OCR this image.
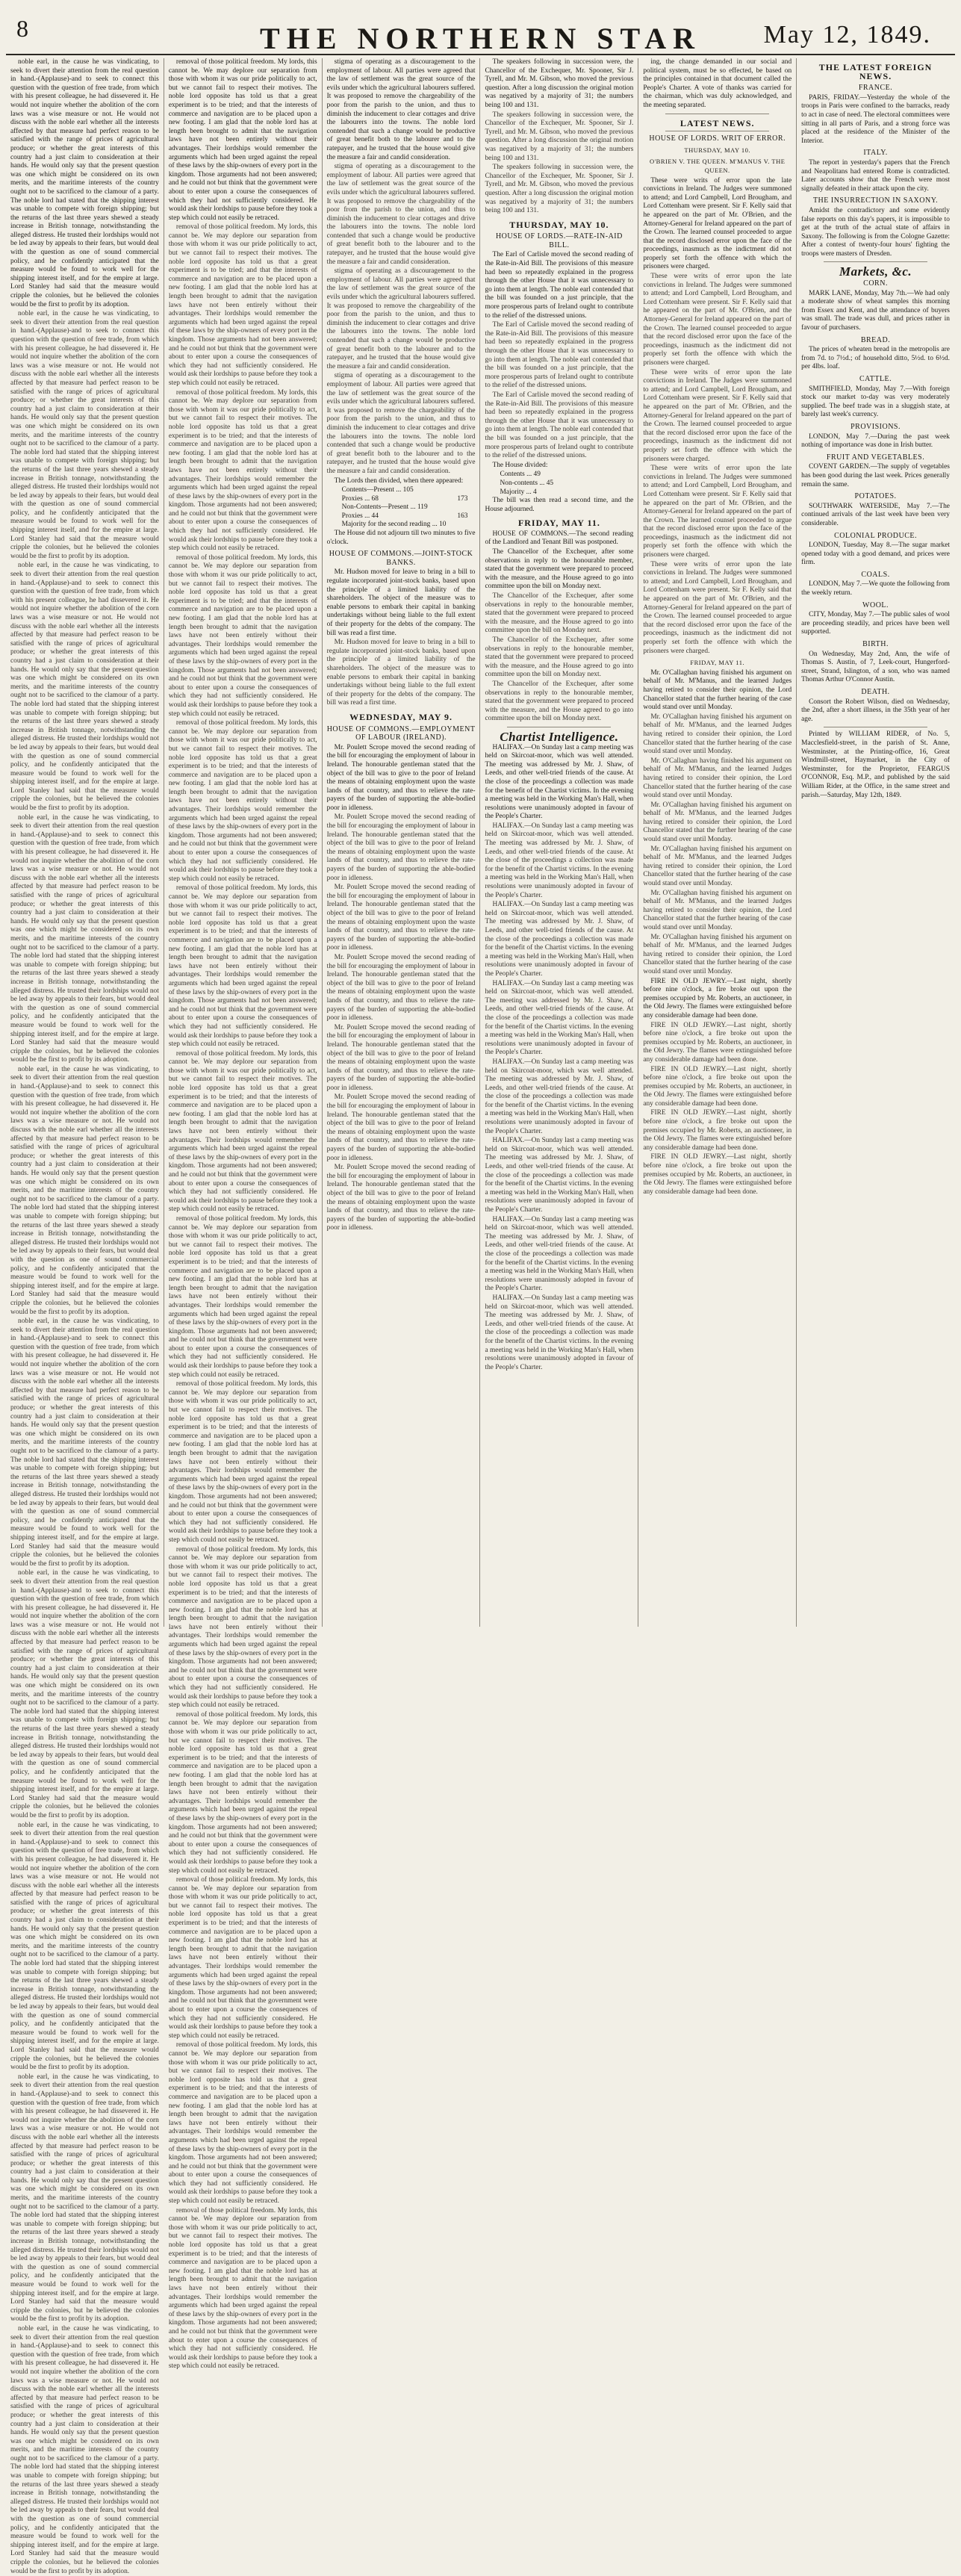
8	THE NORTHERN STAR	May 12, 1849.

noble earl, in the cause he was vindicating, to seek to divert their attention from the real question in hand.-(Applause)-and to seek to connect this question with the question of free trade, from which with his present colleague, he had dissevered it. He would not inquire whether the abolition of the corn laws was a wise measure or not. He would not discuss with the noble earl whether all the interests affected by that measure had perfect reason to be satisfied with the range of prices of agricultural produce; or whether the great interests of this country had a just claim to consideration at their hands. He would only say that the present question was one which might be considered on its own merits, and the maritime interests of the country ought not to be sacrificed to the clamour of a party. The noble lord had stated that the shipping interest was unable to compete with foreign shipping; but the returns of the last three years shewed a steady increase in British tonnage, notwithstanding the alleged distress. He trusted their lordships would not be led away by appeals to their fears, but would deal with the question as one of sound commercial policy, and he confidently anticipated that the measure would be found to work well for the shipping interest itself, and for the empire at large. Lord Stanley had said that the measure would cripple the colonies, but he believed the colonies would be the first to profit by its adoption.

noble earl, in the cause he was vindicating, to seek to divert their attention from the real question in hand.-(Applause)-and to seek to connect this question with the question of free trade, from which with his present colleague, he had dissevered it. He would not inquire whether the abolition of the corn laws was a wise measure or not. He would not discuss with the noble earl whether all the interests affected by that measure had perfect reason to be satisfied with the range of prices of agricultural produce; or whether the great interests of this country had a just claim to consideration at their hands. He would only say that the present question was one which might be considered on its own merits, and the maritime interests of the country ought not to be sacrificed to the clamour of a party. The noble lord had stated that the shipping interest was unable to compete with foreign shipping; but the returns of the last three years shewed a steady increase in British tonnage, notwithstanding the alleged distress. He trusted their lordships would not be led away by appeals to their fears, but would deal with the question as one of sound commercial policy, and he confidently anticipated that the measure would be found to work well for the shipping interest itself, and for the empire at large. Lord Stanley had said that the measure would cripple the colonies, but he believed the colonies would be the first to profit by its adoption.

noble earl, in the cause he was vindicating, to seek to divert their attention from the real question in hand.-(Applause)-and to seek to connect this question with the question of free trade, from which with his present colleague, he had dissevered it. He would not inquire whether the abolition of the corn laws was a wise measure or not. He would not discuss with the noble earl whether all the interests affected by that measure had perfect reason to be satisfied with the range of prices of agricultural produce; or whether the great interests of this country had a just claim to consideration at their hands. He would only say that the present question was one which might be considered on its own merits, and the maritime interests of the country ought not to be sacrificed to the clamour of a party. The noble lord had stated that the shipping interest was unable to compete with foreign shipping; but the returns of the last three years shewed a steady increase in British tonnage, notwithstanding the alleged distress. He trusted their lordships would not be led away by appeals to their fears, but would deal with the question as one of sound commercial policy, and he confidently anticipated that the measure would be found to work well for the shipping interest itself, and for the empire at large. Lord Stanley had said that the measure would cripple the colonies, but he believed the colonies would be the first to profit by its adoption.

noble earl, in the cause he was vindicating, to seek to divert their attention from the real question in hand.-(Applause)-and to seek to connect this question with the question of free trade, from which with his present colleague, he had dissevered it. He would not inquire whether the abolition of the corn laws was a wise measure or not. He would not discuss with the noble earl whether all the interests affected by that measure had perfect reason to be satisfied with the range of prices of agricultural produce; or whether the great interests of this country had a just claim to consideration at their hands. He would only say that the present question was one which might be considered on its own merits, and the maritime interests of the country ought not to be sacrificed to the clamour of a party. The noble lord had stated that the shipping interest was unable to compete with foreign shipping; but the returns of the last three years shewed a steady increase in British tonnage, notwithstanding the alleged distress. He trusted their lordships would not be led away by appeals to their fears, but would deal with the question as one of sound commercial policy, and he confidently anticipated that the measure would be found to work well for the shipping interest itself, and for the empire at large. Lord Stanley had said that the measure would cripple the colonies, but he believed the colonies would be the first to profit by its adoption.

noble earl, in the cause he was vindicating, to seek to divert their attention from the real question in hand.-(Applause)-and to seek to connect this question with the question of free trade, from which with his present colleague, he had dissevered it. He would not inquire whether the abolition of the corn laws was a wise measure or not. He would not discuss with the noble earl whether all the interests affected by that measure had perfect reason to be satisfied with the range of prices of agricultural produce; or whether the great interests of this country had a just claim to consideration at their hands. He would only say that the present question was one which might be considered on its own merits, and the maritime interests of the country ought not to be sacrificed to the clamour of a party. The noble lord had stated that the shipping interest was unable to compete with foreign shipping; but the returns of the last three years shewed a steady increase in British tonnage, notwithstanding the alleged distress. He trusted their lordships would not be led away by appeals to their fears, but would deal with the question as one of sound commercial policy, and he confidently anticipated that the measure would be found to work well for the shipping interest itself, and for the empire at large. Lord Stanley had said that the measure would cripple the colonies, but he believed the colonies would be the first to profit by its adoption.

noble earl, in the cause he was vindicating, to seek to divert their attention from the real question in hand.-(Applause)-and to seek to connect this question with the question of free trade, from which with his present colleague, he had dissevered it. He would not inquire whether the abolition of the corn laws was a wise measure or not. He would not discuss with the noble earl whether all the interests affected by that measure had perfect reason to be satisfied with the range of prices of agricultural produce; or whether the great interests of this country had a just claim to consideration at their hands. He would only say that the present question was one which might be considered on its own merits, and the maritime interests of the country ought not to be sacrificed to the clamour of a party. The noble lord had stated that the shipping interest was unable to compete with foreign shipping; but the returns of the last three years shewed a steady increase in British tonnage, notwithstanding the alleged distress. He trusted their lordships would not be led away by appeals to their fears, but would deal with the question as one of sound commercial policy, and he confidently anticipated that the measure would be found to work well for the shipping interest itself, and for the empire at large. Lord Stanley had said that the measure would cripple the colonies, but he believed the colonies would be the first to profit by its adoption.

noble earl, in the cause he was vindicating, to seek to divert their attention from the real question in hand.-(Applause)-and to seek to connect this question with the question of free trade, from which with his present colleague, he had dissevered it. He would not inquire whether the abolition of the corn laws was a wise measure or not. He would not discuss with the noble earl whether all the interests affected by that measure had perfect reason to be satisfied with the range of prices of agricultural produce; or whether the great interests of this country had a just claim to consideration at their hands. He would only say that the present question was one which might be considered on its own merits, and the maritime interests of the country ought not to be sacrificed to the clamour of a party. The noble lord had stated that the shipping interest was unable to compete with foreign shipping; but the returns of the last three years shewed a steady increase in British tonnage, notwithstanding the alleged distress. He trusted their lordships would not be led away by appeals to their fears, but would deal with the question as one of sound commercial policy, and he confidently anticipated that the measure would be found to work well for the shipping interest itself, and for the empire at large. Lord Stanley had said that the measure would cripple the colonies, but he believed the colonies would be the first to profit by its adoption.

noble earl, in the cause he was vindicating, to seek to divert their attention from the real question in hand.-(Applause)-and to seek to connect this question with the question of free trade, from which with his present colleague, he had dissevered it. He would not inquire whether the abolition of the corn laws was a wise measure or not. He would not discuss with the noble earl whether all the interests affected by that measure had perfect reason to be satisfied with the range of prices of agricultural produce; or whether the great interests of this country had a just claim to consideration at their hands. He would only say that the present question was one which might be considered on its own merits, and the maritime interests of the country ought not to be sacrificed to the clamour of a party. The noble lord had stated that the shipping interest was unable to compete with foreign shipping; but the returns of the last three years shewed a steady increase in British tonnage, notwithstanding the alleged distress. He trusted their lordships would not be led away by appeals to their fears, but would deal with the question as one of sound commercial policy, and he confidently anticipated that the measure would be found to work well for the shipping interest itself, and for the empire at large. Lord Stanley had said that the measure would cripple the colonies, but he believed the colonies would be the first to profit by its adoption.

noble earl, in the cause he was vindicating, to seek to divert their attention from the real question in hand.-(Applause)-and to seek to connect this question with the question of free trade, from which with his present colleague, he had dissevered it. He would not inquire whether the abolition of the corn laws was a wise measure or not. He would not discuss with the noble earl whether all the interests affected by that measure had perfect reason to be satisfied with the range of prices of agricultural produce; or whether the great interests of this country had a just claim to consideration at their hands. He would only say that the present question was one which might be considered on its own merits, and the maritime interests of the country ought not to be sacrificed to the clamour of a party. The noble lord had stated that the shipping interest was unable to compete with foreign shipping; but the returns of the last three years shewed a steady increase in British tonnage, notwithstanding the alleged distress. He trusted their lordships would not be led away by appeals to their fears, but would deal with the question as one of sound commercial policy, and he confidently anticipated that the measure would be found to work well for the shipping interest itself, and for the empire at large. Lord Stanley had said that the measure would cripple the colonies, but he believed the colonies would be the first to profit by its adoption.

noble earl, in the cause he was vindicating, to seek to divert their attention from the real question in hand.-(Applause)-and to seek to connect this question with the question of free trade, from which with his present colleague, he had dissevered it. He would not inquire whether the abolition of the corn laws was a wise measure or not. He would not discuss with the noble earl whether all the interests affected by that measure had perfect reason to be satisfied with the range of prices of agricultural produce; or whether the great interests of this country had a just claim to consideration at their hands. He would only say that the present question was one which might be considered on its own merits, and the maritime interests of the country ought not to be sacrificed to the clamour of a party. The noble lord had stated that the shipping interest was unable to compete with foreign shipping; but the returns of the last three years shewed a steady increase in British tonnage, notwithstanding the alleged distress. He trusted their lordships would not be led away by appeals to their fears, but would deal with the question as one of sound commercial policy, and he confidently anticipated that the measure would be found to work well for the shipping interest itself, and for the empire at large. Lord Stanley had said that the measure would cripple the colonies, but he believed the colonies would be the first to profit by its adoption.

removal of those political freedom. My lords, this cannot be. We may deplore our separation from those with whom it was our pride politically to act, but we cannot fail to respect their motives. The noble lord opposite has told us that a great experiment is to be tried; and that the interests of commerce and navigation are to be placed upon a new footing. I am glad that the noble lord has at length been brought to admit that the navigation laws have not been entirely without their advantages. Their lordships would remember the arguments which had been urged against the repeal of these laws by the ship-owners of every port in the kingdom. Those arguments had not been answered; and he could not but think that the government were about to enter upon a course the consequences of which they had not sufficiently considered. He would ask their lordships to pause before they took a step which could not easily be retraced.

removal of those political freedom. My lords, this cannot be. We may deplore our separation from those with whom it was our pride politically to act, but we cannot fail to respect their motives. The noble lord opposite has told us that a great experiment is to be tried; and that the interests of commerce and navigation are to be placed upon a new footing. I am glad that the noble lord has at length been brought to admit that the navigation laws have not been entirely without their advantages. Their lordships would remember the arguments which had been urged against the repeal of these laws by the ship-owners of every port in the kingdom. Those arguments had not been answered; and he could not but think that the government were about to enter upon a course the consequences of which they had not sufficiently considered. He would ask their lordships to pause before they took a step which could not easily be retraced.

removal of those political freedom. My lords, this cannot be. We may deplore our separation from those with whom it was our pride politically to act, but we cannot fail to respect their motives. The noble lord opposite has told us that a great experiment is to be tried; and that the interests of commerce and navigation are to be placed upon a new footing. I am glad that the noble lord has at length been brought to admit that the navigation laws have not been entirely without their advantages. Their lordships would remember the arguments which had been urged against the repeal of these laws by the ship-owners of every port in the kingdom. Those arguments had not been answered; and he could not but think that the government were about to enter upon a course the consequences of which they had not sufficiently considered. He would ask their lordships to pause before they took a step which could not easily be retraced.

removal of those political freedom. My lords, this cannot be. We may deplore our separation from those with whom it was our pride politically to act, but we cannot fail to respect their motives. The noble lord opposite has told us that a great experiment is to be tried; and that the interests of commerce and navigation are to be placed upon a new footing. I am glad that the noble lord has at length been brought to admit that the navigation laws have not been entirely without their advantages. Their lordships would remember the arguments which had been urged against the repeal of these laws by the ship-owners of every port in the kingdom. Those arguments had not been answered; and he could not but think that the government were about to enter upon a course the consequences of which they had not sufficiently considered. He would ask their lordships to pause before they took a step which could not easily be retraced.

removal of those political freedom. My lords, this cannot be. We may deplore our separation from those with whom it was our pride politically to act, but we cannot fail to respect their motives. The noble lord opposite has told us that a great experiment is to be tried; and that the interests of commerce and navigation are to be placed upon a new footing. I am glad that the noble lord has at length been brought to admit that the navigation laws have not been entirely without their advantages. Their lordships would remember the arguments which had been urged against the repeal of these laws by the ship-owners of every port in the kingdom. Those arguments had not been answered; and he could not but think that the government were about to enter upon a course the consequences of which they had not sufficiently considered. He would ask their lordships to pause before they took a step which could not easily be retraced.

removal of those political freedom. My lords, this cannot be. We may deplore our separation from those with whom it was our pride politically to act, but we cannot fail to respect their motives. The noble lord opposite has told us that a great experiment is to be tried; and that the interests of commerce and navigation are to be placed upon a new footing. I am glad that the noble lord has at length been brought to admit that the navigation laws have not been entirely without their advantages. Their lordships would remember the arguments which had been urged against the repeal of these laws by the ship-owners of every port in the kingdom. Those arguments had not been answered; and he could not but think that the government were about to enter upon a course the consequences of which they had not sufficiently considered. He would ask their lordships to pause before they took a step which could not easily be retraced.

removal of those political freedom. My lords, this cannot be. We may deplore our separation from those with whom it was our pride politically to act, but we cannot fail to respect their motives. The noble lord opposite has told us that a great experiment is to be tried; and that the interests of commerce and navigation are to be placed upon a new footing. I am glad that the noble lord has at length been brought to admit that the navigation laws have not been entirely without their advantages. Their lordships would remember the arguments which had been urged against the repeal of these laws by the ship-owners of every port in the kingdom. Those arguments had not been answered; and he could not but think that the government were about to enter upon a course the consequences of which they had not sufficiently considered. He would ask their lordships to pause before they took a step which could not easily be retraced.

removal of those political freedom. My lords, this cannot be. We may deplore our separation from those with whom it was our pride politically to act, but we cannot fail to respect their motives. The noble lord opposite has told us that a great experiment is to be tried; and that the interests of commerce and navigation are to be placed upon a new footing. I am glad that the noble lord has at length been brought to admit that the navigation laws have not been entirely without their advantages. Their lordships would remember the arguments which had been urged against the repeal of these laws by the ship-owners of every port in the kingdom. Those arguments had not been answered; and he could not but think that the government were about to enter upon a course the consequences of which they had not sufficiently considered. He would ask their lordships to pause before they took a step which could not easily be retraced.

removal of those political freedom. My lords, this cannot be. We may deplore our separation from those with whom it was our pride politically to act, but we cannot fail to respect their motives. The noble lord opposite has told us that a great experiment is to be tried; and that the interests of commerce and navigation are to be placed upon a new footing. I am glad that the noble lord has at length been brought to admit that the navigation laws have not been entirely without their advantages. Their lordships would remember the arguments which had been urged against the repeal of these laws by the ship-owners of every port in the kingdom. Those arguments had not been answered; and he could not but think that the government were about to enter upon a course the consequences of which they had not sufficiently considered. He would ask their lordships to pause before they took a step which could not easily be retraced.

removal of those political freedom. My lords, this cannot be. We may deplore our separation from those with whom it was our pride politically to act, but we cannot fail to respect their motives. The noble lord opposite has told us that a great experiment is to be tried; and that the interests of commerce and navigation are to be placed upon a new footing. I am glad that the noble lord has at length been brought to admit that the navigation laws have not been entirely without their advantages. Their lordships would remember the arguments which had been urged against the repeal of these laws by the ship-owners of every port in the kingdom. Those arguments had not been answered; and he could not but think that the government were about to enter upon a course the consequences of which they had not sufficiently considered. He would ask their lordships to pause before they took a step which could not easily be retraced.

removal of those political freedom. My lords, this cannot be. We may deplore our separation from those with whom it was our pride politically to act, but we cannot fail to respect their motives. The noble lord opposite has told us that a great experiment is to be tried; and that the interests of commerce and navigation are to be placed upon a new footing. I am glad that the noble lord has at length been brought to admit that the navigation laws have not been entirely without their advantages. Their lordships would remember the arguments which had been urged against the repeal of these laws by the ship-owners of every port in the kingdom. Those arguments had not been answered; and he could not but think that the government were about to enter upon a course the consequences of which they had not sufficiently considered. He would ask their lordships to pause before they took a step which could not easily be retraced.

removal of those political freedom. My lords, this cannot be. We may deplore our separation from those with whom it was our pride politically to act, but we cannot fail to respect their motives. The noble lord opposite has told us that a great experiment is to be tried; and that the interests of commerce and navigation are to be placed upon a new footing. I am glad that the noble lord has at length been brought to admit that the navigation laws have not been entirely without their advantages. Their lordships would remember the arguments which had been urged against the repeal of these laws by the ship-owners of every port in the kingdom. Those arguments had not been answered; and he could not but think that the government were about to enter upon a course the consequences of which they had not sufficiently considered. He would ask their lordships to pause before they took a step which could not easily be retraced.

removal of those political freedom. My lords, this cannot be. We may deplore our separation from those with whom it was our pride politically to act, but we cannot fail to respect their motives. The noble lord opposite has told us that a great experiment is to be tried; and that the interests of commerce and navigation are to be placed upon a new footing. I am glad that the noble lord has at length been brought to admit that the navigation laws have not been entirely without their advantages. Their lordships would remember the arguments which had been urged against the repeal of these laws by the ship-owners of every port in the kingdom. Those arguments had not been answered; and he could not but think that the government were about to enter upon a course the consequences of which they had not sufficiently considered. He would ask their lordships to pause before they took a step which could not easily be retraced.

removal of those political freedom. My lords, this cannot be. We may deplore our separation from those with whom it was our pride politically to act, but we cannot fail to respect their motives. The noble lord opposite has told us that a great experiment is to be tried; and that the interests of commerce and navigation are to be placed upon a new footing. I am glad that the noble lord has at length been brought to admit that the navigation laws have not been entirely without their advantages. Their lordships would remember the arguments which had been urged against the repeal of these laws by the ship-owners of every port in the kingdom. Those arguments had not been answered; and he could not but think that the government were about to enter upon a course the consequences of which they had not sufficiently considered. He would ask their lordships to pause before they took a step which could not easily be retraced.

stigma of operating as a discouragement to the employment of labour. All parties were agreed that the law of settlement was the great source of the evils under which the agricultural labourers suffered. It was proposed to remove the chargeability of the poor from the parish to the union, and thus to diminish the inducement to clear cottages and drive the labourers into the towns. The noble lord contended that such a change would be productive of great benefit both to the labourer and to the ratepayer, and he trusted that the house would give the measure a fair and candid consideration.

stigma of operating as a discouragement to the employment of labour. All parties were agreed that the law of settlement was the great source of the evils under which the agricultural labourers suffered. It was proposed to remove the chargeability of the poor from the parish to the union, and thus to diminish the inducement to clear cottages and drive the labourers into the towns. The noble lord contended that such a change would be productive of great benefit both to the labourer and to the ratepayer, and he trusted that the house would give the measure a fair and candid consideration.

stigma of operating as a discouragement to the employment of labour. All parties were agreed that the law of settlement was the great source of the evils under which the agricultural labourers suffered. It was proposed to remove the chargeability of the poor from the parish to the union, and thus to diminish the inducement to clear cottages and drive the labourers into the towns. The noble lord contended that such a change would be productive of great benefit both to the labourer and to the ratepayer, and he trusted that the house would give the measure a fair and candid consideration.

stigma of operating as a discouragement to the employment of labour. All parties were agreed that the law of settlement was the great source of the evils under which the agricultural labourers suffered. It was proposed to remove the chargeability of the poor from the parish to the union, and thus to diminish the inducement to clear cottages and drive the labourers into the towns. The noble lord contended that such a change would be productive of great benefit both to the labourer and to the ratepayer, and he trusted that the house would give the measure a fair and candid consideration.

The Lords then divided, when there appeared:

Contents—Present ... 105
Proxies ... 68	173
Non-Contents—Present ... 119
Proxies ... 44	163
Majority for the second reading ... 10

The House did not adjourn till two minutes to five o'clock.

HOUSE OF COMMONS.—JOINT-STOCK BANKS.

Mr. Hudson moved for leave to bring in a bill to regulate incorporated joint-stock banks, based upon the principle of a limited liability of the shareholders. The object of the measure was to enable persons to embark their capital in banking undertakings without being liable to the full extent of their property for the debts of the company. The bill was read a first time.

Mr. Hudson moved for leave to bring in a bill to regulate incorporated joint-stock banks, based upon the principle of a limited liability of the shareholders. The object of the measure was to enable persons to embark their capital in banking undertakings without being liable to the full extent of their property for the debts of the company. The bill was read a first time.

WEDNESDAY, MAY 9.
HOUSE OF COMMONS.—EMPLOYMENT OF LABOUR (IRELAND).

Mr. Poulett Scrope moved the second reading of the bill for encouraging the employment of labour in Ireland. The honourable gentleman stated that the object of the bill was to give to the poor of Ireland the means of obtaining employment upon the waste lands of that country, and thus to relieve the rate-payers of the burden of supporting the able-bodied poor in idleness.

Mr. Poulett Scrope moved the second reading of the bill for encouraging the employment of labour in Ireland. The honourable gentleman stated that the object of the bill was to give to the poor of Ireland the means of obtaining employment upon the waste lands of that country, and thus to relieve the rate-payers of the burden of supporting the able-bodied poor in idleness.

Mr. Poulett Scrope moved the second reading of the bill for encouraging the employment of labour in Ireland. The honourable gentleman stated that the object of the bill was to give to the poor of Ireland the means of obtaining employment upon the waste lands of that country, and thus to relieve the rate-payers of the burden of supporting the able-bodied poor in idleness.

Mr. Poulett Scrope moved the second reading of the bill for encouraging the employment of labour in Ireland. The honourable gentleman stated that the object of the bill was to give to the poor of Ireland the means of obtaining employment upon the waste lands of that country, and thus to relieve the rate-payers of the burden of supporting the able-bodied poor in idleness.

Mr. Poulett Scrope moved the second reading of the bill for encouraging the employment of labour in Ireland. The honourable gentleman stated that the object of the bill was to give to the poor of Ireland the means of obtaining employment upon the waste lands of that country, and thus to relieve the rate-payers of the burden of supporting the able-bodied poor in idleness.

Mr. Poulett Scrope moved the second reading of the bill for encouraging the employment of labour in Ireland. The honourable gentleman stated that the object of the bill was to give to the poor of Ireland the means of obtaining employment upon the waste lands of that country, and thus to relieve the rate-payers of the burden of supporting the able-bodied poor in idleness.

Mr. Poulett Scrope moved the second reading of the bill for encouraging the employment of labour in Ireland. The honourable gentleman stated that the object of the bill was to give to the poor of Ireland the means of obtaining employment upon the waste lands of that country, and thus to relieve the rate-payers of the burden of supporting the able-bodied poor in idleness.

The speakers following in succession were, the Chancellor of the Exchequer, Mr. Spooner, Sir J. Tyrell, and Mr. M. Gibson, who moved the previous question. After a long discussion the original motion was negatived by a majority of 31; the numbers being 100 and 131.

The speakers following in succession were, the Chancellor of the Exchequer, Mr. Spooner, Sir J. Tyrell, and Mr. M. Gibson, who moved the previous question. After a long discussion the original motion was negatived by a majority of 31; the numbers being 100 and 131.

The speakers following in succession were, the Chancellor of the Exchequer, Mr. Spooner, Sir J. Tyrell, and Mr. M. Gibson, who moved the previous question. After a long discussion the original motion was negatived by a majority of 31; the numbers being 100 and 131.

THURSDAY, MAY 10.
HOUSE OF LORDS.—RATE-IN-AID BILL.

The Earl of Carlisle moved the second reading of the Rate-in-Aid Bill. The provisions of this measure had been so repeatedly explained in the progress through the other House that it was unnecessary to go into them at length. The noble earl contended that the bill was founded on a just principle, that the more prosperous parts of Ireland ought to contribute to the relief of the distressed unions.

The Earl of Carlisle moved the second reading of the Rate-in-Aid Bill. The provisions of this measure had been so repeatedly explained in the progress through the other House that it was unnecessary to go into them at length. The noble earl contended that the bill was founded on a just principle, that the more prosperous parts of Ireland ought to contribute to the relief of the distressed unions.

The Earl of Carlisle moved the second reading of the Rate-in-Aid Bill. The provisions of this measure had been so repeatedly explained in the progress through the other House that it was unnecessary to go into them at length. The noble earl contended that the bill was founded on a just principle, that the more prosperous parts of Ireland ought to contribute to the relief of the distressed unions.

The House divided:

Contents ... 49
Non-contents ... 45
Majority ... 4

The bill was then read a second time, and the House adjourned.

FRIDAY, MAY 11.

HOUSE OF COMMONS.—The second reading of the Landlord and Tenant Bill was postponed.

The Chancellor of the Exchequer, after some observations in reply to the honourable member, stated that the government were prepared to proceed with the measure, and the House agreed to go into committee upon the bill on Monday next.

The Chancellor of the Exchequer, after some observations in reply to the honourable member, stated that the government were prepared to proceed with the measure, and the House agreed to go into committee upon the bill on Monday next.

The Chancellor of the Exchequer, after some observations in reply to the honourable member, stated that the government were prepared to proceed with the measure, and the House agreed to go into committee upon the bill on Monday next.

The Chancellor of the Exchequer, after some observations in reply to the honourable member, stated that the government were prepared to proceed with the measure, and the House agreed to go into committee upon the bill on Monday next.

Chartist Intelligence.

HALIFAX.—On Sunday last a camp meeting was held on Skircoat-moor, which was well attended. The meeting was addressed by Mr. J. Shaw, of Leeds, and other well-tried friends of the cause. At the close of the proceedings a collection was made for the benefit of the Chartist victims. In the evening a meeting was held in the Working Man's Hall, when resolutions were unanimously adopted in favour of the People's Charter.

HALIFAX.—On Sunday last a camp meeting was held on Skircoat-moor, which was well attended. The meeting was addressed by Mr. J. Shaw, of Leeds, and other well-tried friends of the cause. At the close of the proceedings a collection was made for the benefit of the Chartist victims. In the evening a meeting was held in the Working Man's Hall, when resolutions were unanimously adopted in favour of the People's Charter.

HALIFAX.—On Sunday last a camp meeting was held on Skircoat-moor, which was well attended. The meeting was addressed by Mr. J. Shaw, of Leeds, and other well-tried friends of the cause. At the close of the proceedings a collection was made for the benefit of the Chartist victims. In the evening a meeting was held in the Working Man's Hall, when resolutions were unanimously adopted in favour of the People's Charter.

HALIFAX.—On Sunday last a camp meeting was held on Skircoat-moor, which was well attended. The meeting was addressed by Mr. J. Shaw, of Leeds, and other well-tried friends of the cause. At the close of the proceedings a collection was made for the benefit of the Chartist victims. In the evening a meeting was held in the Working Man's Hall, when resolutions were unanimously adopted in favour of the People's Charter.

HALIFAX.—On Sunday last a camp meeting was held on Skircoat-moor, which was well attended. The meeting was addressed by Mr. J. Shaw, of Leeds, and other well-tried friends of the cause. At the close of the proceedings a collection was made for the benefit of the Chartist victims. In the evening a meeting was held in the Working Man's Hall, when resolutions were unanimously adopted in favour of the People's Charter.

HALIFAX.—On Sunday last a camp meeting was held on Skircoat-moor, which was well attended. The meeting was addressed by Mr. J. Shaw, of Leeds, and other well-tried friends of the cause. At the close of the proceedings a collection was made for the benefit of the Chartist victims. In the evening a meeting was held in the Working Man's Hall, when resolutions were unanimously adopted in favour of the People's Charter.

HALIFAX.—On Sunday last a camp meeting was held on Skircoat-moor, which was well attended. The meeting was addressed by Mr. J. Shaw, of Leeds, and other well-tried friends of the cause. At the close of the proceedings a collection was made for the benefit of the Chartist victims. In the evening a meeting was held in the Working Man's Hall, when resolutions were unanimously adopted in favour of the People's Charter.

HALIFAX.—On Sunday last a camp meeting was held on Skircoat-moor, which was well attended. The meeting was addressed by Mr. J. Shaw, of Leeds, and other well-tried friends of the cause. At the close of the proceedings a collection was made for the benefit of the Chartist victims. In the evening a meeting was held in the Working Man's Hall, when resolutions were unanimously adopted in favour of the People's Charter.

ing, the change demanded in our social and political system, must be so effected, be based on the principles contained in that document called the People's Charter. A vote of thanks was carried for the chairman, which was duly acknowledged, and the meeting separated.

LATEST NEWS.
HOUSE OF LORDS. WRIT OF ERROR.
THURSDAY, MAY 10.
O'BRIEN V. THE QUEEN. M'MANUS V. THE QUEEN.

These were writs of error upon the late convictions in Ireland. The Judges were summoned to attend; and Lord Campbell, Lord Brougham, and Lord Cottenham were present. Sir F. Kelly said that he appeared on the part of Mr. O'Brien, and the Attorney-General for Ireland appeared on the part of the Crown. The learned counsel proceeded to argue that the record disclosed error upon the face of the proceedings, inasmuch as the indictment did not properly set forth the offence with which the prisoners were charged.

These were writs of error upon the late convictions in Ireland. The Judges were summoned to attend; and Lord Campbell, Lord Brougham, and Lord Cottenham were present. Sir F. Kelly said that he appeared on the part of Mr. O'Brien, and the Attorney-General for Ireland appeared on the part of the Crown. The learned counsel proceeded to argue that the record disclosed error upon the face of the proceedings, inasmuch as the indictment did not properly set forth the offence with which the prisoners were charged.

These were writs of error upon the late convictions in Ireland. The Judges were summoned to attend; and Lord Campbell, Lord Brougham, and Lord Cottenham were present. Sir F. Kelly said that he appeared on the part of Mr. O'Brien, and the Attorney-General for Ireland appeared on the part of the Crown. The learned counsel proceeded to argue that the record disclosed error upon the face of the proceedings, inasmuch as the indictment did not properly set forth the offence with which the prisoners were charged.

These were writs of error upon the late convictions in Ireland. The Judges were summoned to attend; and Lord Campbell, Lord Brougham, and Lord Cottenham were present. Sir F. Kelly said that he appeared on the part of Mr. O'Brien, and the Attorney-General for Ireland appeared on the part of the Crown. The learned counsel proceeded to argue that the record disclosed error upon the face of the proceedings, inasmuch as the indictment did not properly set forth the offence with which the prisoners were charged.

These were writs of error upon the late convictions in Ireland. The Judges were summoned to attend; and Lord Campbell, Lord Brougham, and Lord Cottenham were present. Sir F. Kelly said that he appeared on the part of Mr. O'Brien, and the Attorney-General for Ireland appeared on the part of the Crown. The learned counsel proceeded to argue that the record disclosed error upon the face of the proceedings, inasmuch as the indictment did not properly set forth the offence with which the prisoners were charged.

FRIDAY, MAY 11.

Mr. O'Callaghan having finished his argument on behalf of Mr. M'Manus, and the learned Judges having retired to consider their opinion, the Lord Chancellor stated that the further hearing of the case would stand over until Monday.

Mr. O'Callaghan having finished his argument on behalf of Mr. M'Manus, and the learned Judges having retired to consider their opinion, the Lord Chancellor stated that the further hearing of the case would stand over until Monday.

Mr. O'Callaghan having finished his argument on behalf of Mr. M'Manus, and the learned Judges having retired to consider their opinion, the Lord Chancellor stated that the further hearing of the case would stand over until Monday.

Mr. O'Callaghan having finished his argument on behalf of Mr. M'Manus, and the learned Judges having retired to consider their opinion, the Lord Chancellor stated that the further hearing of the case would stand over until Monday.

Mr. O'Callaghan having finished his argument on behalf of Mr. M'Manus, and the learned Judges having retired to consider their opinion, the Lord Chancellor stated that the further hearing of the case would stand over until Monday.

Mr. O'Callaghan having finished his argument on behalf of Mr. M'Manus, and the learned Judges having retired to consider their opinion, the Lord Chancellor stated that the further hearing of the case would stand over until Monday.

Mr. O'Callaghan having finished his argument on behalf of Mr. M'Manus, and the learned Judges having retired to consider their opinion, the Lord Chancellor stated that the further hearing of the case would stand over until Monday.

FIRE IN OLD JEWRY.—Last night, shortly before nine o'clock, a fire broke out upon the premises occupied by Mr. Roberts, an auctioneer, in the Old Jewry. The flames were extinguished before any considerable damage had been done.

FIRE IN OLD JEWRY.—Last night, shortly before nine o'clock, a fire broke out upon the premises occupied by Mr. Roberts, an auctioneer, in the Old Jewry. The flames were extinguished before any considerable damage had been done.

FIRE IN OLD JEWRY.—Last night, shortly before nine o'clock, a fire broke out upon the premises occupied by Mr. Roberts, an auctioneer, in the Old Jewry. The flames were extinguished before any considerable damage had been done.

FIRE IN OLD JEWRY.—Last night, shortly before nine o'clock, a fire broke out upon the premises occupied by Mr. Roberts, an auctioneer, in the Old Jewry. The flames were extinguished before any considerable damage had been done.

FIRE IN OLD JEWRY.—Last night, shortly before nine o'clock, a fire broke out upon the premises occupied by Mr. Roberts, an auctioneer, in the Old Jewry. The flames were extinguished before any considerable damage had been done.

THE LATEST FOREIGN NEWS.
FRANCE.

PARIS, FRIDAY.—Yesterday the whole of the troops in Paris were confined to the barracks, ready to act in case of need. The electoral committees were sitting in all parts of Paris, and a strong force was placed at the residence of the Minister of the Interior.

ITALY.

The report in yesterday's papers that the French and Neapolitans had entered Rome is contradicted. Later accounts show that the French were most signally defeated in their attack upon the city.

THE INSURRECTION IN SAXONY.

Amidst the contradictory and some evidently false reports on this day's papers, it is impossible to get at the truth of the actual state of affairs in Saxony. The following is from the Cologne Gazette: After a contest of twenty-four hours' fighting the troops were masters of Dresden.

Markets, &c.
CORN.

MARK LANE, Monday, May 7th.—We had only a moderate show of wheat samples this morning from Essex and Kent, and the attendance of buyers was small. The trade was dull, and prices rather in favour of purchasers.

BREAD.

The prices of wheaten bread in the metropolis are from 7d. to 7½d.; of household ditto, 5½d. to 6½d. per 4lbs. loaf.

CATTLE.

SMITHFIELD, Monday, May 7.—With foreign stock our market to-day was very moderately supplied. The beef trade was in a sluggish state, at barely last week's currency.

PROVISIONS.

LONDON, May 7.—During the past week nothing of importance was done in Irish butter.

FRUIT AND VEGETABLES.

COVENT GARDEN.—The supply of vegetables has been good during the last week. Prices generally remain the same.

POTATOES.

SOUTHWARK WATERSIDE, May 7.—The continued arrivals of the last week have been very considerable.

COLONIAL PRODUCE.

LONDON, Tuesday, May 8.—The sugar market opened today with a good demand, and prices were firm.

COALS.

LONDON, May 7.—We quote the following from the weekly return.

WOOL.

CITY, Monday, May 7.—The public sales of wool are proceeding steadily, and prices have been well supported.

BIRTH.

On Wednesday, May 2nd, Ann, the wife of Thomas S. Austin, of 7, Leek-court, Hungerford-street, Strand, Islington, of a son, who was named Thomas Arthur O'Connor Austin.

DEATH.

Consort the Robert Wilson, died on Wednesday, the 2nd, after a short illness, in the 35th year of her age.

Printed by WILLIAM RIDER, of No. 5, Macclesfield-street, in the parish of St. Anne, Westminster, at the Printing-office, 16, Great Windmill-street, Haymarket, in the City of Westminster, for the Proprietor, FEARGUS O'CONNOR, Esq. M.P., and published by the said William Rider, at the Office, in the same street and parish.—Saturday, May 12th, 1849.
